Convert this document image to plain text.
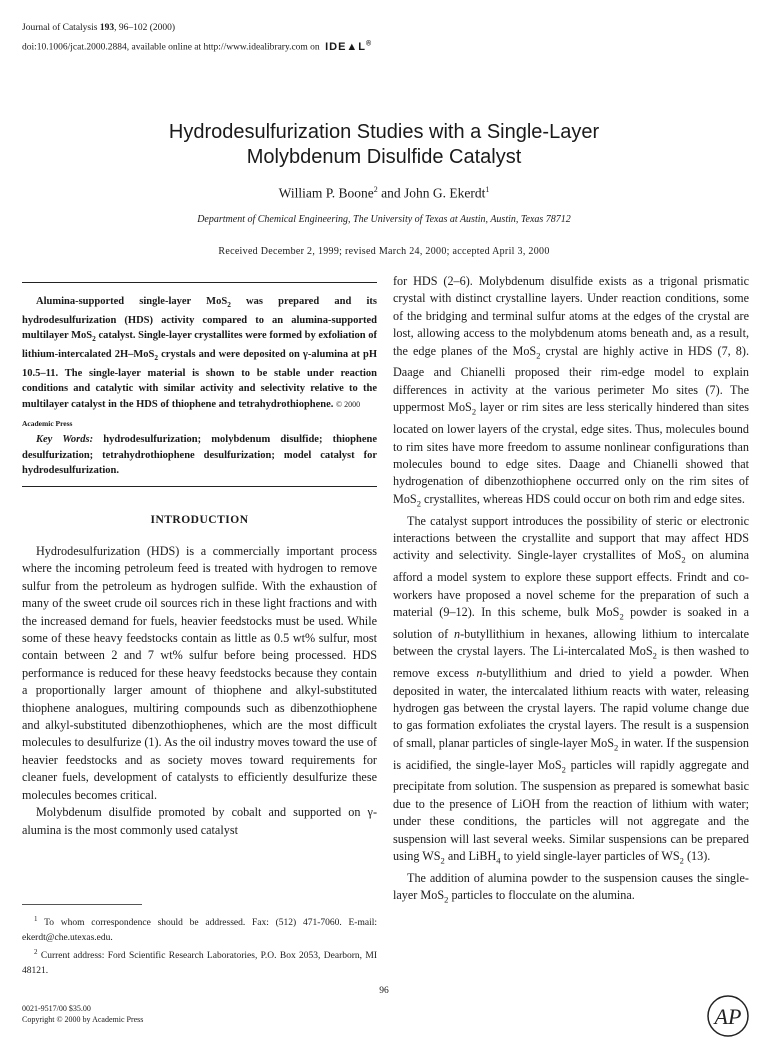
Journal of Catalysis 193, 96–102 (2000)
doi:10.1006/jcat.2000.2884, available online at http://www.idealibrary.com on IDE▲L®
Hydrodesulfurization Studies with a Single-Layer
Molybdenum Disulfide Catalyst
William P. Boone$^2$ and John G. Ekerdt$^1$
Department of Chemical Engineering, The University of Texas at Austin, Austin, Texas 78712
Received December 2, 1999; revised March 24, 2000; accepted April 3, 2000
Alumina-supported single-layer MoS$_2$ was prepared and its hydrodesulfurization (HDS) activity compared to an alumina-supported multilayer MoS$_2$ catalyst. Single-layer crystallites were formed by exfoliation of lithium-intercalated 2H–MoS$_2$ crystals and were deposited on γ-alumina at pH 10.5–11. The single-layer material is shown to be stable under reaction conditions and catalytic with similar activity and selectivity relative to the multilayer catalyst in the HDS of thiophene and tetrahydrothiophene. © 2000
Academic Press
Key Words: hydrodesulfurization; molybdenum disulfide; thiophene desulfurization; tetrahydrothiophene desulfurization; model catalyst for hydrodesulfurization.
INTRODUCTION

Hydrodesulfurization (HDS) is a commercially important process where the incoming petroleum feed is treated with hydrogen to remove sulfur from the petroleum as hydrogen sulfide. With the exhaustion of many of the sweet crude oil sources rich in these light fractions and with the increased demand for fuels, heavier feedstocks must be used. While some of these heavy feedstocks contain as little as 0.5 wt% sulfur, most contain between 2 and 7 wt% sulfur before being processed. HDS performance is reduced for these heavy feedstocks because they contain a proportionally larger amount of thiophene and alkyl-substituted thiophene analogues, multiring compounds such as dibenzothiophene and alkyl-substituted dibenzothiophenes, which are the most difficult molecules to desulfurize (1). As the oil industry moves toward the use of heavier feedstocks and as society moves toward requirements for cleaner fuels, development of catalysts to efficiently desulfurize these molecules becomes critical.

Molybdenum disulfide promoted by cobalt and supported on γ-alumina is the most commonly used catalyst

for HDS (2–6). Molybdenum disulfide exists as a trigonal prismatic crystal with distinct crystalline layers. Under reaction conditions, some of the bridging and terminal sulfur atoms at the edges of the crystal are lost, allowing access to the molybdenum atoms beneath and, as a result, the edge planes of the MoS$_2$ crystal are highly active in HDS (7, 8). Daage and Chianelli proposed their rim-edge model to explain differences in activity at the various perimeter Mo sites (7). The uppermost MoS$_2$ layer or rim sites are less sterically hindered than sites located on lower layers of the crystal, edge sites. Thus, molecules bound to rim sites have more freedom to assume nonlinear configurations than molecules bound to edge sites. Daage and Chianelli showed that hydrogenation of dibenzothiophene occurred only on the rim sites of MoS$_2$ crystallites, whereas HDS could occur on both rim and edge sites.

The catalyst support introduces the possibility of steric or electronic interactions between the crystallite and support that may affect HDS activity and selectivity. Single-layer crystallites of MoS$_2$ on alumina afford a model system to explore these support effects. Frindt and co-workers have proposed a novel scheme for the preparation of such a material (9–12). In this scheme, bulk MoS$_2$ powder is soaked in a solution of n-butyllithium in hexanes, allowing lithium to intercalate between the crystal layers. The Li-intercalated MoS$_2$ is then washed to remove excess n-butyllithium and dried to yield a powder. When deposited in water, the intercalated lithium reacts with water, releasing hydrogen gas between the crystal layers. The rapid volume change due to gas formation exfoliates the crystal layers. The result is a suspension of small, planar particles of single-layer MoS$_2$ in water. If the suspension is acidified, the single-layer MoS$_2$ particles will rapidly aggregate and precipitate from solution. The suspension as prepared is somewhat basic due to the presence of LiOH from the reaction of lithium with water; under these conditions, the particles will not aggregate and the suspension will last several weeks. Similar suspensions can be prepared using $WS_2$ and LiBH$_4$ to yield single-layer particles of $WS_2$ (13).

The addition of alumina powder to the suspension causes the single-layer MoS$_2$ particles to flocculate on the alumina.

$^1$ To whom correspondence should be addressed. Fax: (512) 471-7060. E-mail: ekerdt@che.utexas.edu.

$^2$ Current address: Ford Scientific Research Laboratories, P.O. Box 2053, Dearborn, MI 48121.

96
0021-9517/00 $35.00
Copyright © 2000 by Academic Press	AP
